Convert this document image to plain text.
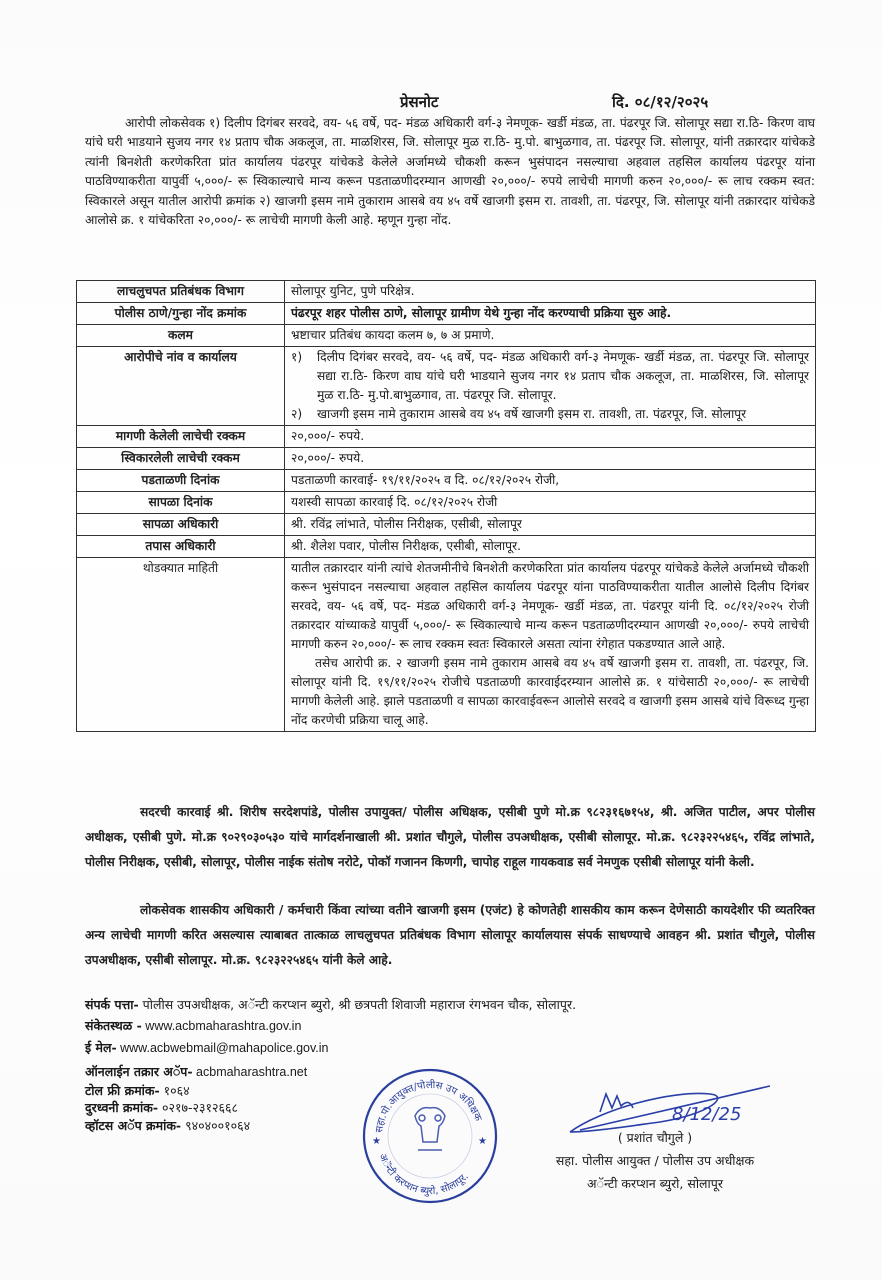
प्रेसनोट	दि. ०८/१२/२०२५

आरोपी लोकसेवक १) दिलीप दिगंबर सरवदे, वय- ५६ वर्षे, पद- मंडळ अधिकारी वर्ग-३ नेमणूक- खर्डी मंडळ, ता. पंढरपूर जि. सोलापूर सद्या रा.ठि- किरण वाघ यांचे घरी भाडयाने सुजय नगर १४ प्रताप चौक अकलूज, ता. माळशिरस, जि. सोलापूर मुळ रा.ठि- मु.पो. बाभुळगाव, ता. पंढरपूर जि. सोलापूर, यांनी तक्रारदार यांचेकडे त्यांनी बिनशेती करणेकरिता प्रांत कार्यालय पंढरपूर यांचेकडे केलेले अर्जामध्ये चौकशी करून भुसंपादन नसल्याचा अहवाल तहसिल कार्यालय पंढरपूर यांना पाठविण्याकरीता यापुर्वी ५,०००/- रू स्विकाल्याचे मान्य करून पडताळणीदरम्यान आणखी २०,०००/- रुपये लाचेची मागणी करुन २०,०००/- रू लाच रक्कम स्वत: स्विकारले असून यातील आरोपी क्रमांक २) खाजगी इसम नामे तुकाराम आसबे वय ४५ वर्षे खाजगी इसम रा. तावशी, ता. पंढरपूर, जि. सोलापूर यांनी तक्रारदार यांचेकडे आलोसे क्र. १ यांचेकरिता २०,०००/- रू लाचेची मागणी केली आहे. म्हणून गुन्हा नोंद.

लाचलुचपत प्रतिबंधक विभाग	सोलापूर युनिट, पुणे परिक्षेत्र.
पोलीस ठाणे/गुन्हा नोंद क्रमांक	पंढरपूर शहर पोलीस ठाणे, सोलापूर ग्रामीण येथे गुन्हा नोंद करण्याची प्रक्रिया सुरु आहे.
कलम	भ्रष्टाचार प्रतिबंध कायदा कलम ७, ७ अ प्रमाणे.
आरोपीचे नांव व कार्यालय	१)	दिलीप दिगंबर सरवदे, वय- ५६ वर्षे, पद- मंडळ अधिकारी वर्ग-३ नेमणूक- खर्डी मंडळ, ता. पंढरपूर जि. सोलापूर सद्या रा.ठि- किरण वाघ यांचे घरी भाडयाने सुजय नगर १४ प्रताप चौक अकलूज, ता. माळशिरस, जि. सोलापूर मुळ रा.ठि- मु.पो.बाभुळगाव, ता. पंढरपूर जि. सोलापूर.
२)	खाजगी इसम नामे तुकाराम आसबे वय ४५ वर्षे खाजगी इसम रा. तावशी, ता. पंढरपूर, जि. सोलापूर

मागणी केलेली लाचेची रक्कम	२०,०००/- रुपये.
स्विकारलेली लाचेची रक्कम	२०,०००/- रुपये.
पडताळणी दिनांक	पडताळणी कारवाई- १९/११/२०२५ व दि. ०८/१२/२०२५ रोजी,
सापळा दिनांक	यशस्वी सापळा कारवाई दि. ०८/१२/२०२५ रोजी
सापळा अधिकारी	श्री. रविंद्र लांभाते, पोलीस निरीक्षक, एसीबी, सोलापूर
तपास अधिकारी	श्री. शैलेश पवार, पोलीस निरीक्षक, एसीबी, सोलापूर.
थोडक्यात माहिती	यातील तक्रारदार यांनी त्यांचे शेतजमीनीचे बिनशेती करणेकरिता प्रांत कार्यालय पंढरपूर यांचेकडे केलेले अर्जामध्ये चौकशी करून भुसंपादन नसल्याचा अहवाल तहसिल कार्यालय पंढरपूर यांना पाठविण्याकरीता यातील आलोसे दिलीप दिगंबर सरवदे, वय- ५६ वर्षे, पद- मंडळ अधिकारी वर्ग-३ नेमणूक- खर्डी मंडळ, ता. पंढरपूर यांनी दि. ०८/१२/२०२५ रोजी तक्रारदार यांच्याकडे यापुर्वी ५,०००/- रू स्विकाल्याचे मान्य करून पडताळणीदरम्यान आणखी २०,०००/- रुपये लाचेची मागणी करुन २०,०००/- रू लाच रक्कम स्वतः स्विकारले असता त्यांना रंगेहात पकडण्यात आले आहे.

तसेच आरोपी क्र. २ खाजगी इसम नामे तुकाराम आसबे वय ४५ वर्षे खाजगी इसम रा. तावशी, ता. पंढरपूर, जि. सोलापूर यांनी दि. १९/११/२०२५ रोजीचे पडताळणी कारवाईदरम्यान आलोसे क्र. १ यांचेसाठी २०,०००/- रू लाचेची मागणी केलेली आहे. झाले पडताळणी व सापळा कारवाईवरून आलोसे सरवदे व खाजगी इसम आसबे यांचे विरूध्द गुन्हा नोंद करणेची प्रक्रिया चालू आहे.

सदरची कारवाई श्री. शिरीष सरदेशपांडे, पोलीस उपायुक्त/ पोलीस अधिक्षक, एसीबी पुणे मो.क्र ९८२३१६७१५४, श्री. अजित पाटील, अपर पोलीस अधीक्षक, एसीबी पुणे. मो.क्र ९०२९०३०५३० यांचे मार्गदर्शनाखाली श्री. प्रशांत चौगुले, पोलीस उपअधीक्षक, एसीबी सोलापूर. मो.क्र. ९८२३२२५४६५, रविंद्र लांभाते, पोलीस निरीक्षक, एसीबी, सोलापूर, पोलीस नाईक संतोष नरोटे, पोकॉ गजानन किणगी, चापोह राहूल गायकवाड सर्व नेमणुक एसीबी सोलापूर यांनी केली.

लोकसेवक शासकीय अधिकारी / कर्मचारी किंवा त्यांच्या वतीने खाजगी इसम (एजंट) हे कोणतेही शासकीय काम करून देणेसाठी कायदेशीर फी व्यतरिक्त अन्य लाचेची मागणी करित असल्यास त्याबाबत तात्काळ लाचलुचपत प्रतिबंधक विभाग सोलापूर कार्यालयास संपर्क साधण्याचे आवहन श्री. प्रशांत चौगुले, पोलीस उपअधीक्षक, एसीबी सोलापूर. मो.क्र. ९८२३२२५४६५ यांनी केले आहे.

संपर्क पत्ता- पोलीस उपअधीक्षक, अॅन्टी करप्शन ब्युरो, श्री छत्रपती शिवाजी महाराज रंगभवन चौक, सोलापूर.
संकेतस्थळ - www.acbmaharashtra.gov.in
ई मेल- www.acbwebmail@mahapolice.gov.in
ऑनलाईन तक्रार अॅप- acbmaharashtra.net
टोल फ्री क्रमांक- १०६४
दुरध्वनी क्रमांक- ०२१७-२३१२६६८
व्हॉटस अॅप क्रमांक- ९४०४००१०६४	सहा.पो.आयुक्त/पोलीस उप अधिक्षक
अॅन्टी करप्शन ब्युरो, सोलापूर.
★	★
8/12/25
( प्रशांत चौगुले )
सहा. पोलीस आयुक्त / पोलीस उप अधीक्षक
अॅन्टी करप्शन ब्युरो, सोलापूर
